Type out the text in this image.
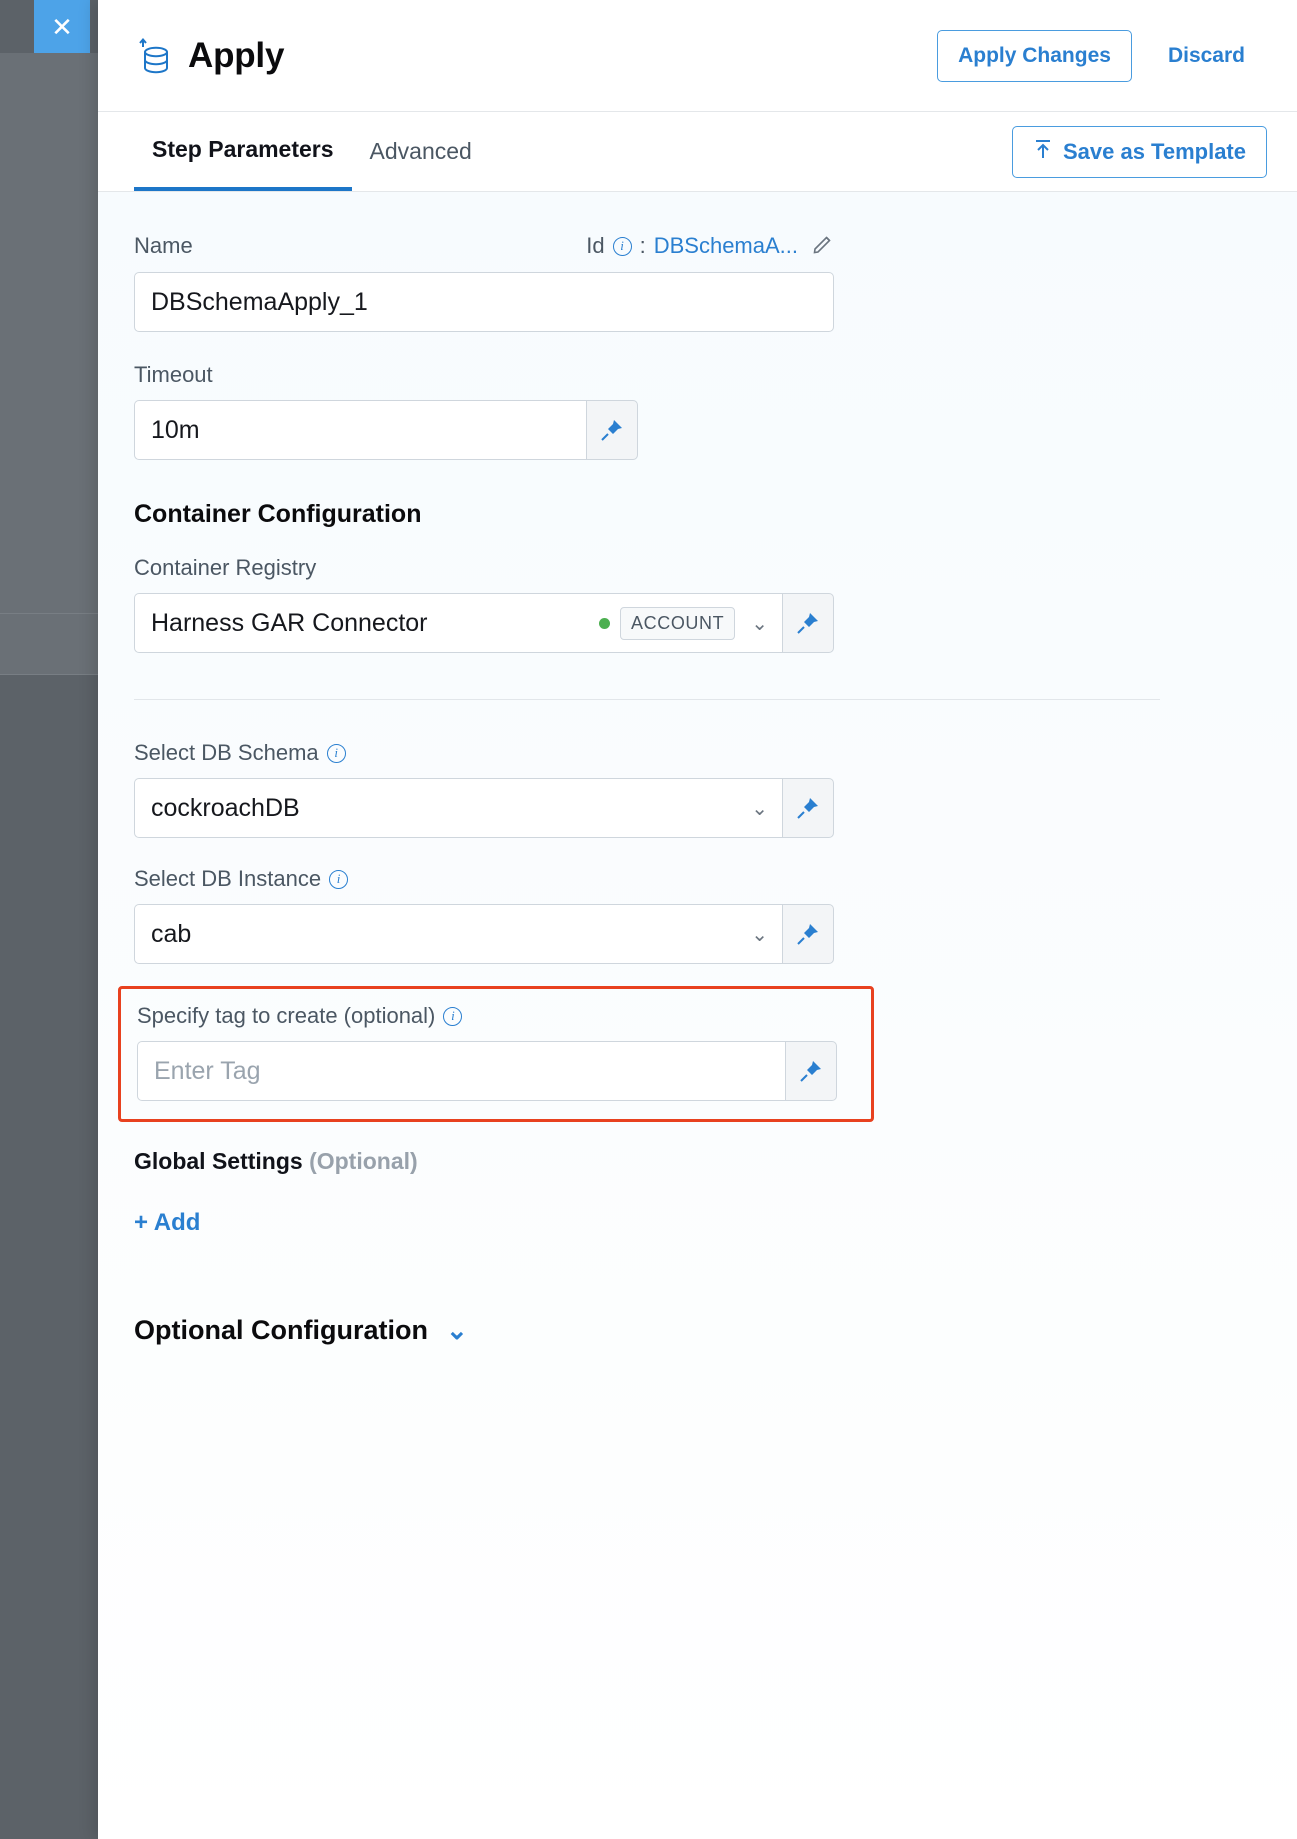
✕
Apply	Apply Changes	Discard
Step Parameters	Advanced	Save as Template
Name	Id	i : DBSchemaA...
DBSchemaApply_1
Timeout
10m
Container Configuration
Container Registry
Harness GAR Connector	ACCOUNT	⌄
Select DB Schema	i
cockroachDB	⌄
Select DB Instance	i
cab	⌄
Specify tag to create (optional)	i
Enter Tag
Global Settings (Optional)
+ Add
Optional Configuration ⌄
